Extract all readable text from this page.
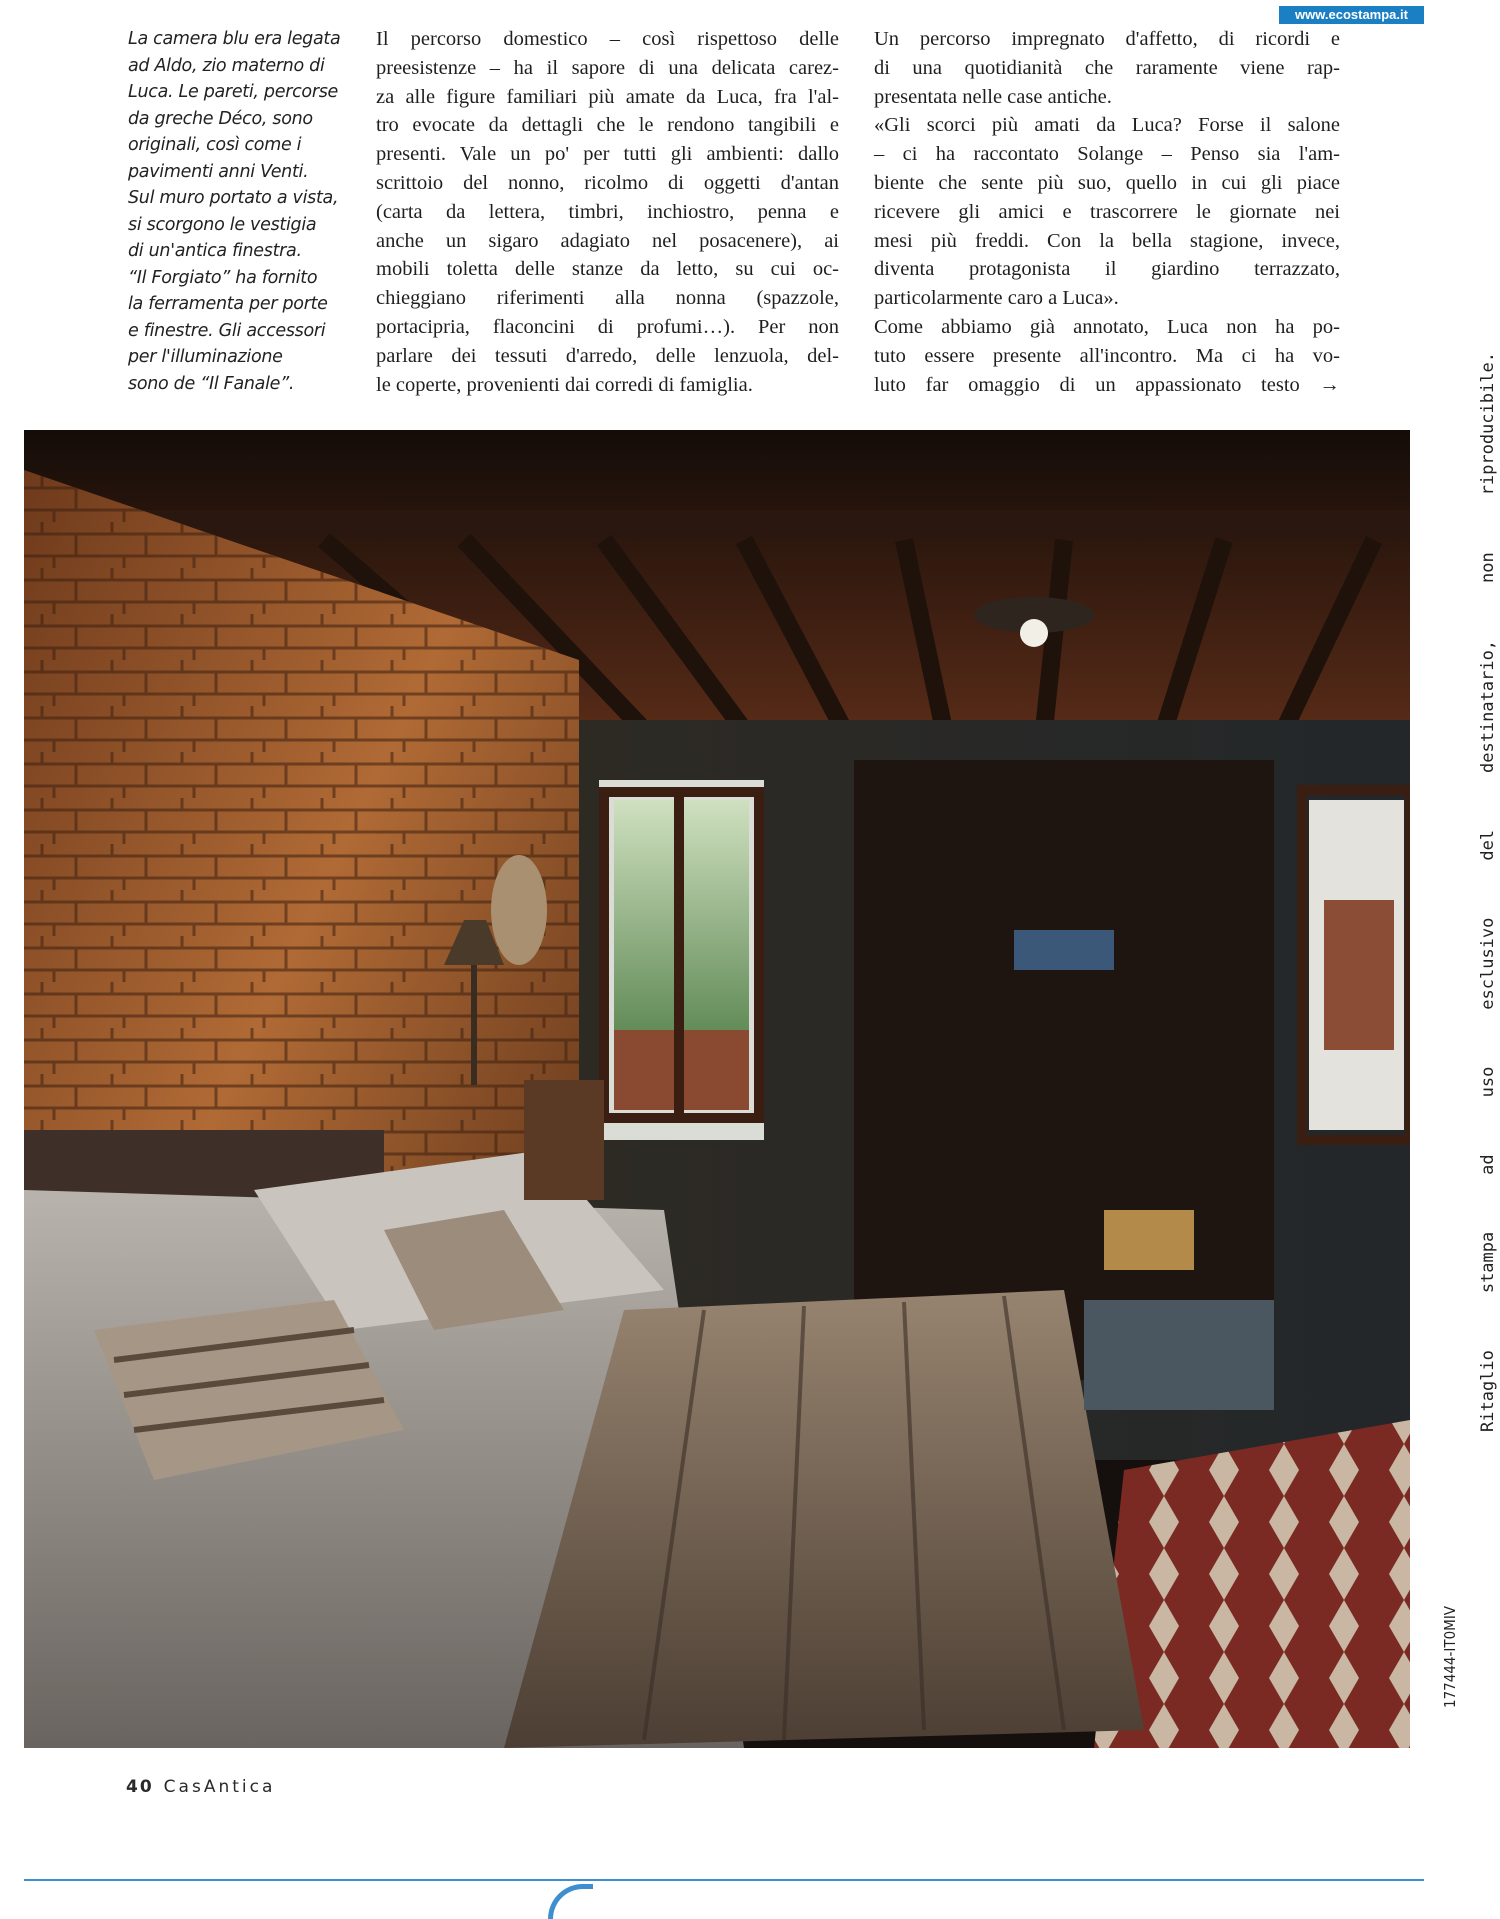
www.ecostampa.it
La camera blu era legata
ad Aldo, zio materno di
Luca. Le pareti, percorse
da greche Déco, sono
originali, così come i
pavimenti anni Venti.
Sul muro portato a vista,
si scorgono le vestigia
di un'antica finestra.
“Il Forgiato” ha fornito
la ferramenta per porte
e finestre. Gli accessori
per l'illuminazione
sono de “Il Fanale”.
Il percorso domestico – così rispettoso delle
preesistenze – ha il sapore di una delicata carez-
za alle figure familiari più amate da Luca, fra l'al-
tro evocate da dettagli che le rendono tangibili e
presenti. Vale un po' per tutti gli ambienti: dallo
scrittoio del nonno, ricolmo di oggetti d'antan
(carta da lettera, timbri, inchiostro, penna e
anche un sigaro adagiato nel posacenere), ai
mobili toletta delle stanze da letto, su cui oc-
chieggiano riferimenti alla nonna (spazzole,
portacipria, flaconcini di profumi…). Per non
parlare dei tessuti d'arredo, delle lenzuola, del-
le coperte, provenienti dai corredi di famiglia.
Un percorso impregnato d'affetto, di ricordi e
di una quotidianità che raramente viene rap-
presentata nelle case antiche.
«Gli scorci più amati da Luca? Forse il salone
– ci ha raccontato Solange – Penso sia l'am-
biente che sente più suo, quello in cui gli piace
ricevere gli amici e trascorrere le giornate nei
mesi più freddi. Con la bella stagione, invece,
diventa protagonista il giardino terrazzato,
particolarmente caro a Luca».
Come abbiamo già annotato, Luca non ha po-
tuto essere presente all'incontro. Ma ci ha vo-
luto far omaggio di un appassionato testo →
40 CasAntica
Ritaglio
stampa
ad
uso
esclusivo
del
destinatario,
non
riproducibile.
177444-IT0MIV
